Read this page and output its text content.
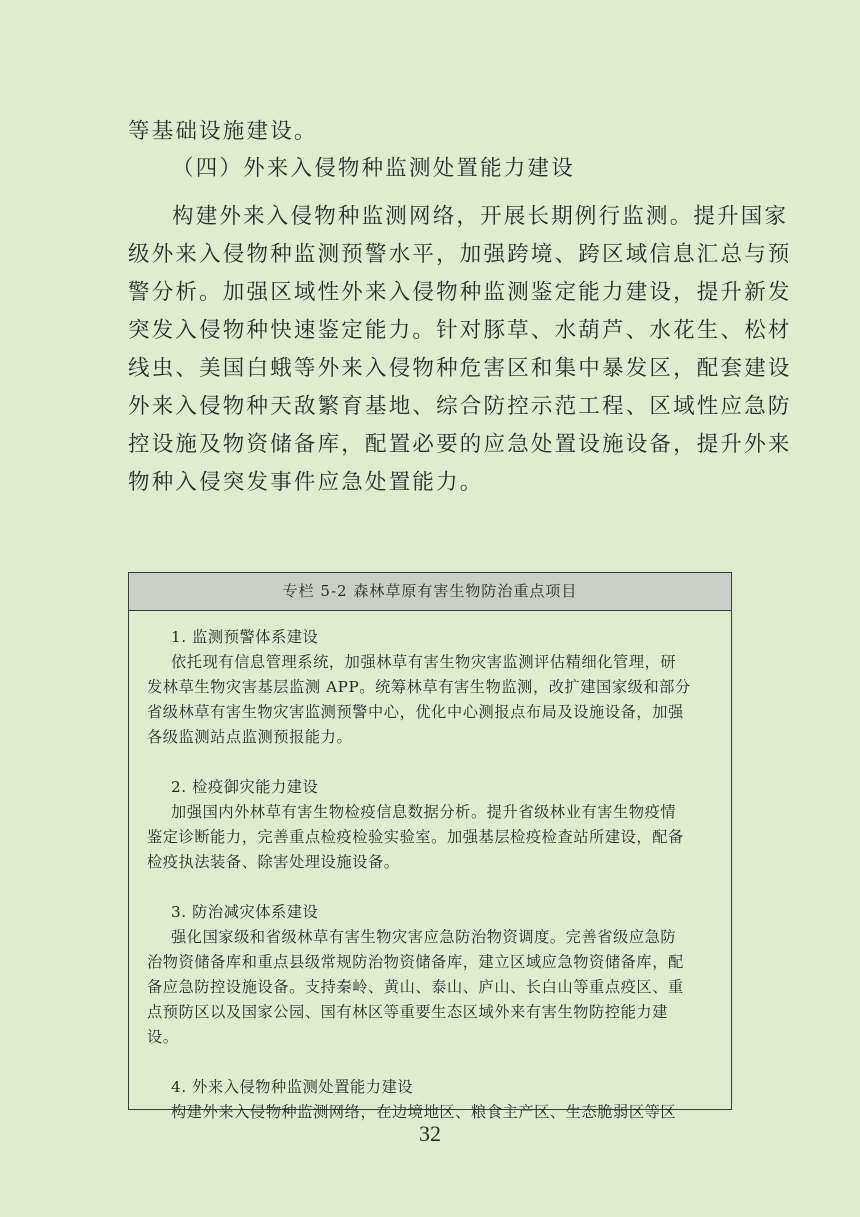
等基础设施建设。

（四）外来入侵物种监测处置能力建设

构建外来入侵物种监测网络，开展长期例行监测。提升国家
级外来入侵物种监测预警水平，加强跨境、跨区域信息汇总与预
警分析。加强区域性外来入侵物种监测鉴定能力建设，提升新发
突发入侵物种快速鉴定能力。针对豚草、水葫芦、水花生、松材
线虫、美国白蛾等外来入侵物种危害区和集中暴发区，配套建设
外来入侵物种天敌繁育基地、综合防控示范工程、区域性应急防
控设施及物资储备库，配置必要的应急处置设施设备，提升外来
物种入侵突发事件应急处置能力。

专栏 5-2 森林草原有害生物防治重点项目
1. 监测预警体系建设
依托现有信息管理系统，加强林草有害生物灾害监测评估精细化管理，研
发林草生物灾害基层监测 APP。统筹林草有害生物监测，改扩建国家级和部分
省级林草有害生物灾害监测预警中心，优化中心测报点布局及设施设备，加强
各级监测站点监测预报能力。
2. 检疫御灾能力建设
加强国内外林草有害生物检疫信息数据分析。提升省级林业有害生物疫情
鉴定诊断能力，完善重点检疫检验实验室。加强基层检疫检查站所建设，配备
检疫执法装备、除害处理设施设备。
3. 防治减灾体系建设
强化国家级和省级林草有害生物灾害应急防治物资调度。完善省级应急防
治物资储备库和重点县级常规防治物资储备库，建立区域应急物资储备库，配
备应急防控设施设备。支持秦岭、黄山、泰山、庐山、长白山等重点疫区、重
点预防区以及国家公园、国有林区等重要生态区域外来有害生物防控能力建
设。
4. 外来入侵物种监测处置能力建设
构建外来入侵物种监测网络，在边境地区、粮食主产区、生态脆弱区等区
32
